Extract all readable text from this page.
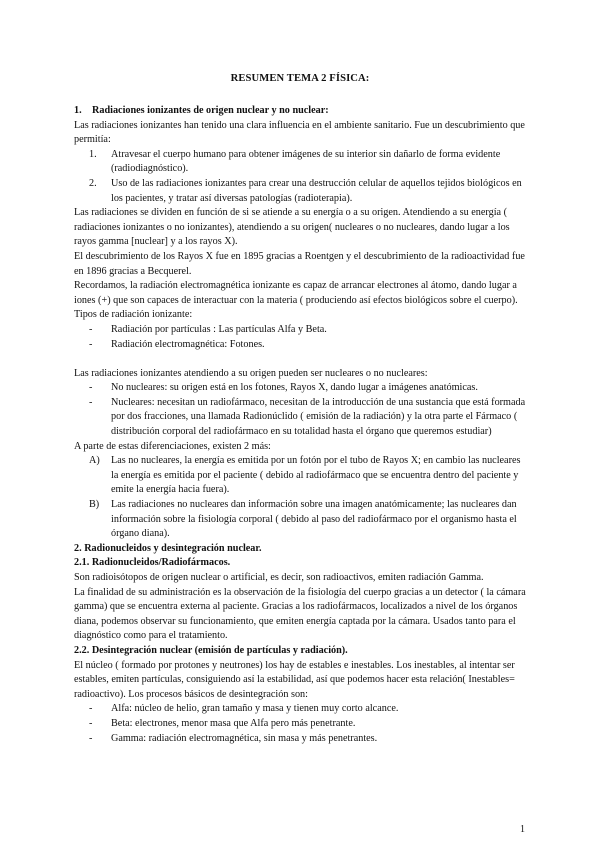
RESUMEN TEMA 2 FÍSICA:

1. Radiaciones ionizantes de origen nuclear y no nuclear:

Las radiaciones ionizantes han tenido una clara influencia en el ambiente sanitario. Fue un descubrimiento que permitía:

1. Atravesar el cuerpo humano para obtener imágenes de su interior sin dañarlo de forma evidente (radiodiagnóstico).
2. Uso de las radiaciones ionizantes para crear una destrucción celular de aquellos tejidos biológicos en los pacientes, y tratar así diversas patologías (radioterapia).

Las radiaciones se dividen en función de si se atiende a su energía o a su origen. Atendiendo a su energía ( radiaciones ionizantes o no ionizantes), atendiendo a su origen( nucleares o no nucleares, dando lugar a los rayos gamma [nuclear] y a los rayos X).

El descubrimiento de los Rayos X fue en 1895 gracias a Roentgen y el descubrimiento de la radioactividad fue en 1896 gracias a Becquerel.

Recordamos, la radiación electromagnética ionizante es capaz de arrancar electrones al átomo, dando lugar a iones (+) que son capaces de interactuar con la materia ( produciendo así efectos biológicos sobre el cuerpo).

Tipos de radiación ionizante:

- Radiación por partículas : Las partículas Alfa y Beta.
- Radiación electromagnética: Fotones.

Las radiaciones ionizantes atendiendo a su origen pueden ser nucleares o no nucleares:

- No nucleares: su origen está en los fotones, Rayos X, dando lugar a imágenes anatómicas.
- Nucleares: necesitan un radiofármaco, necesitan de la introducción de una sustancia que está formada por dos fracciones, una llamada Radionúclido ( emisión de la radiación) y la otra parte el Fármaco ( distribución corporal del radiofármaco en su totalidad hasta el órgano que queremos estudiar)

A parte de estas diferenciaciones, existen 2 más:

A) Las no nucleares, la energía es emitida por un fotón por el tubo de Rayos X; en cambio las nucleares la energía es emitida por el paciente ( debido al radiofármaco que se encuentra dentro del paciente y emite la energía hacia fuera).
B) Las radiaciones no nucleares dan información sobre una imagen anatómicamente; las nucleares dan información sobre la fisiología corporal ( debido al paso del radiofármaco por el organismo hasta el órgano diana).

2. Radionucleidos y desintegración nuclear.

2.1. Radionucleidos/Radiofármacos.

Son radioisótopos de origen nuclear o artificial, es decir, son radioactivos, emiten radiación Gamma.

La finalidad de su administración es la observación de la fisiología del cuerpo gracias a un detector ( la cámara gamma) que se encuentra externa al paciente. Gracias a los radiofármacos, localizados a nivel de los órganos diana, podemos observar su funcionamiento, que emiten energía captada por la cámara. Usados tanto para el diagnóstico como para el tratamiento.

2.2. Desintegración nuclear (emisión de partículas y radiación).

El núcleo ( formado por protones y neutrones) los hay de estables e inestables. Los inestables, al intentar ser estables, emiten partículas, consiguiendo así la estabilidad, así que podemos hacer esta relación( Inestables= radioactivo). Los procesos básicos de desintegración son:

- Alfa: núcleo de helio, gran tamaño y masa y tienen muy corto alcance.
- Beta: electrones, menor masa que Alfa pero más penetrante.
- Gamma: radiación electromagnética, sin masa y más penetrantes.
1
